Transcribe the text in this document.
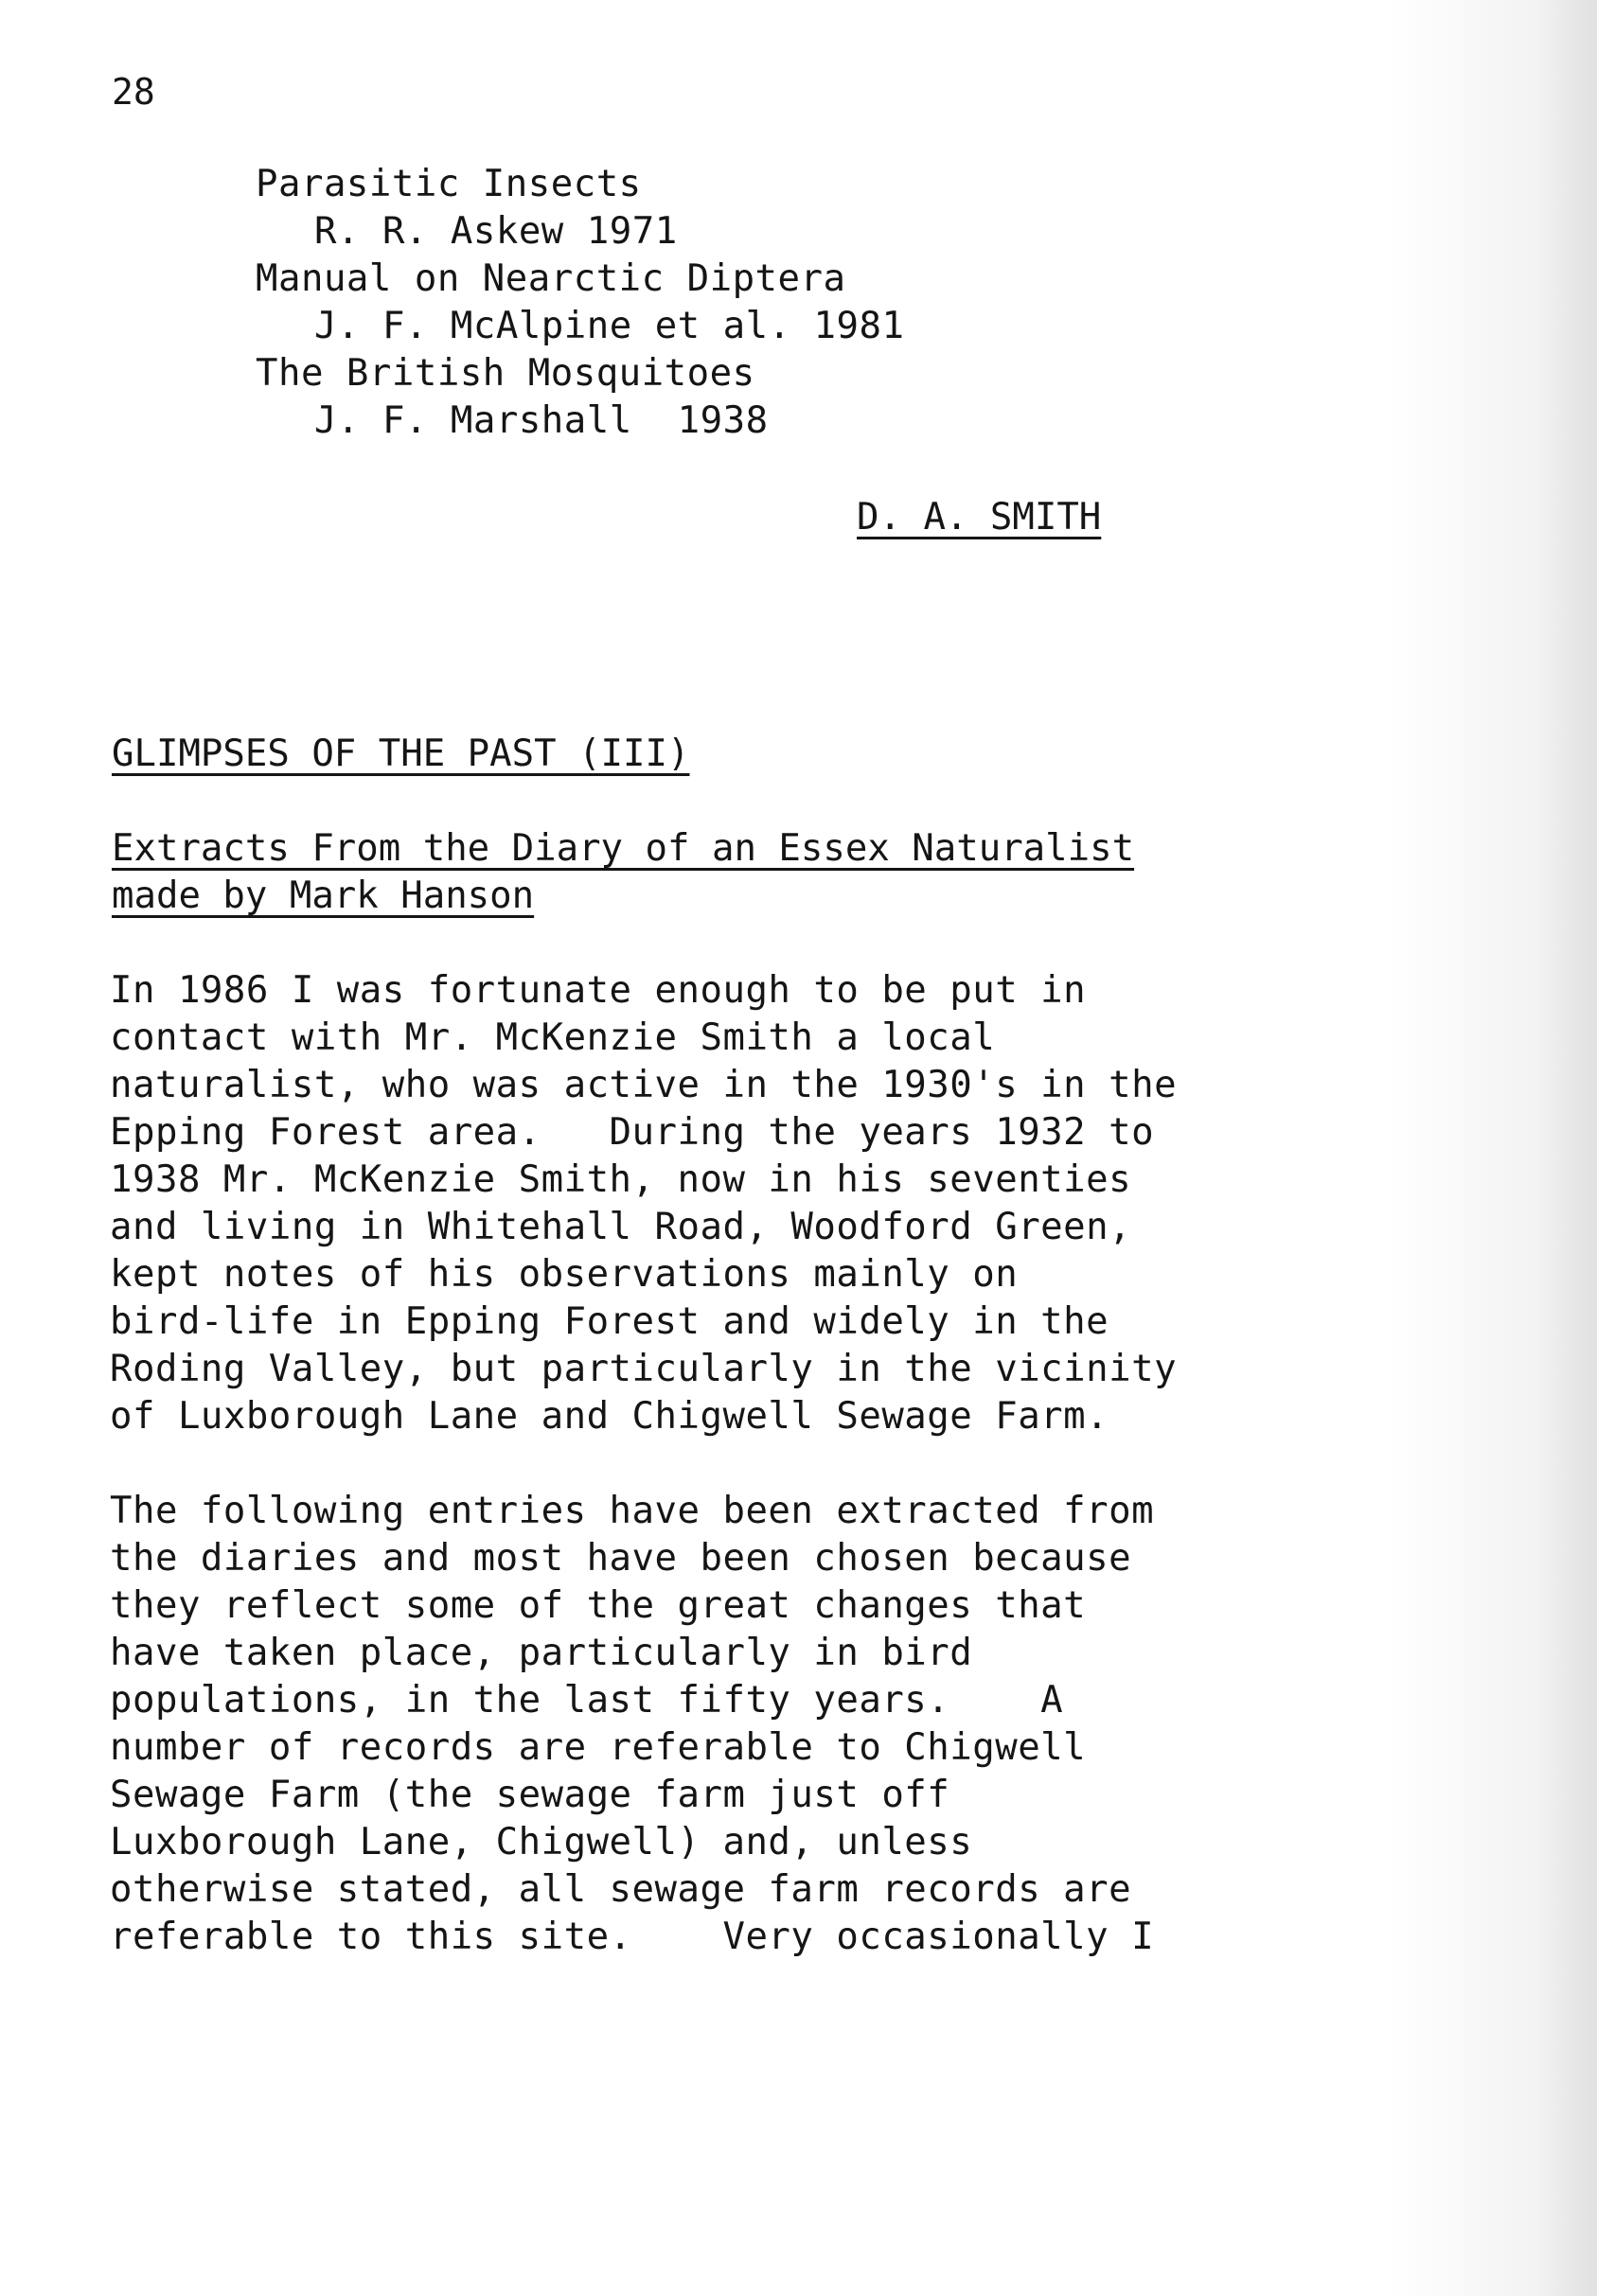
28
Parasitic Insects
R. R. Askew 1971
Manual on Nearctic Diptera
J. F. McAlpine et al. 1981
The British Mosquitoes
J. F. Marshall  1938
D. A. SMITH
GLIMPSES OF THE PAST (III)
Extracts From the Diary of an Essex Naturalist
made by Mark Hanson
In 1986 I was fortunate enough to be put in
contact with Mr. McKenzie Smith a local
naturalist, who was active in the 1930's in the
Epping Forest area.   During the years 1932 to
1938 Mr. McKenzie Smith, now in his seventies
and living in Whitehall Road, Woodford Green,
kept notes of his observations mainly on
bird-life in Epping Forest and widely in the
Roding Valley, but particularly in the vicinity
of Luxborough Lane and Chigwell Sewage Farm.
The following entries have been extracted from
the diaries and most have been chosen because
they reflect some of the great changes that
have taken place, particularly in bird
populations, in the last fifty years.    A
number of records are referable to Chigwell
Sewage Farm (the sewage farm just off
Luxborough Lane, Chigwell) and, unless
otherwise stated, all sewage farm records are
referable to this site.    Very occasionally I
